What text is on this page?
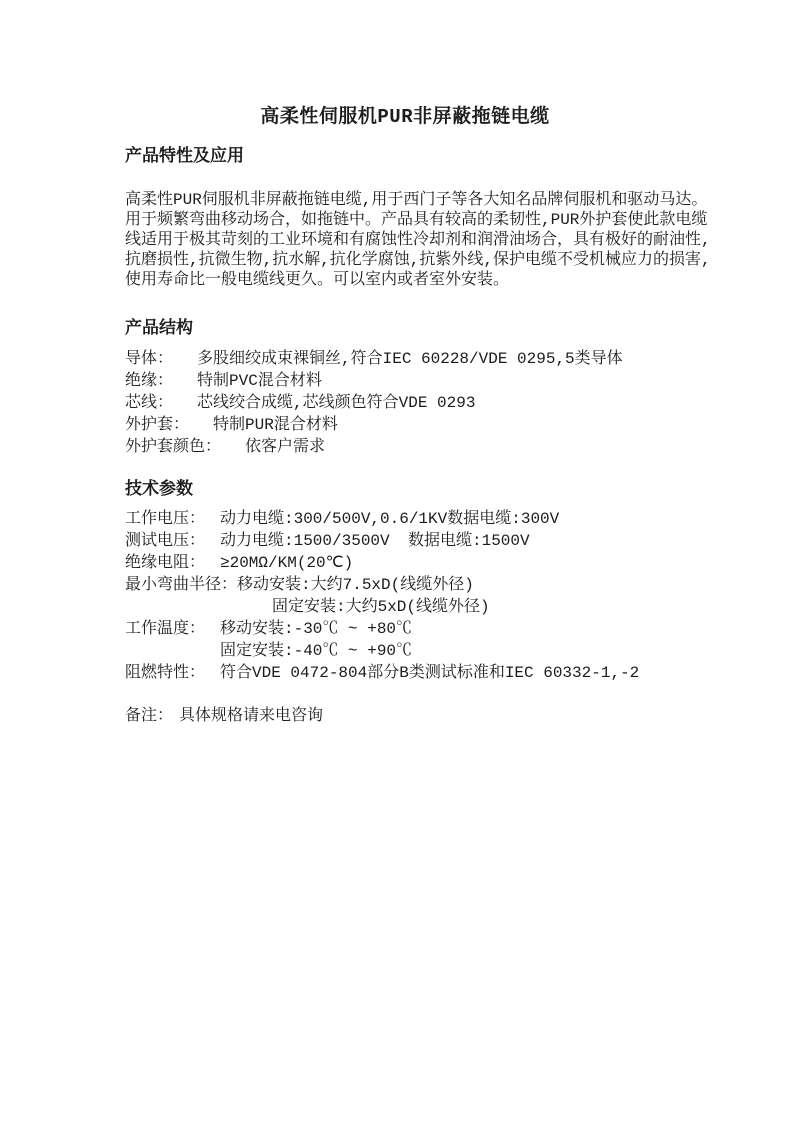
高柔性伺服机PUR非屏蔽拖链电缆
产品特性及应用
高柔性PUR伺服机非屏蔽拖链电缆,用于西门子等各大知名品牌伺服机和驱动马达。
用于频繁弯曲移动场合，如拖链中。产品具有较高的柔韧性,PUR外护套使此款电缆
线适用于极其苛刻的工业环境和有腐蚀性冷却剂和润滑油场合，具有极好的耐油性,
抗磨损性,抗微生物,抗水解,抗化学腐蚀,抗紫外线,保护电缆不受机械应力的损害,
使用寿命比一般电缆线更久。可以室内或者室外安装。
产品结构
导体： 多股细绞成束裸铜丝,符合IEC 60228/VDE 0295,5类导体
绝缘： 特制PVC混合材料
芯线： 芯线绞合成缆,芯线颜色符合VDE 0293
外护套： 特制PUR混合材料
外护套颜色： 依客户需求
技术参数
工作电压： 动力电缆:300/500V,0.6/1KV 数据电缆:300V
测试电压： 动力电缆:1500/3500V	数据电缆:1500V
绝缘电阻： ≥20MΩ/KM(20℃)
最小弯曲半径： 移动安装:大约7.5xD(线缆外径)
固定安装:大约5xD(线缆外径)
工作温度： 移动安装:-30℃ ~ +80℃
固定安装:-40℃ ~ +90℃
阻燃特性： 符合VDE 0472-804部分B类测试标准和IEC 60332-1,-2
备注： 具体规格请来电咨询
